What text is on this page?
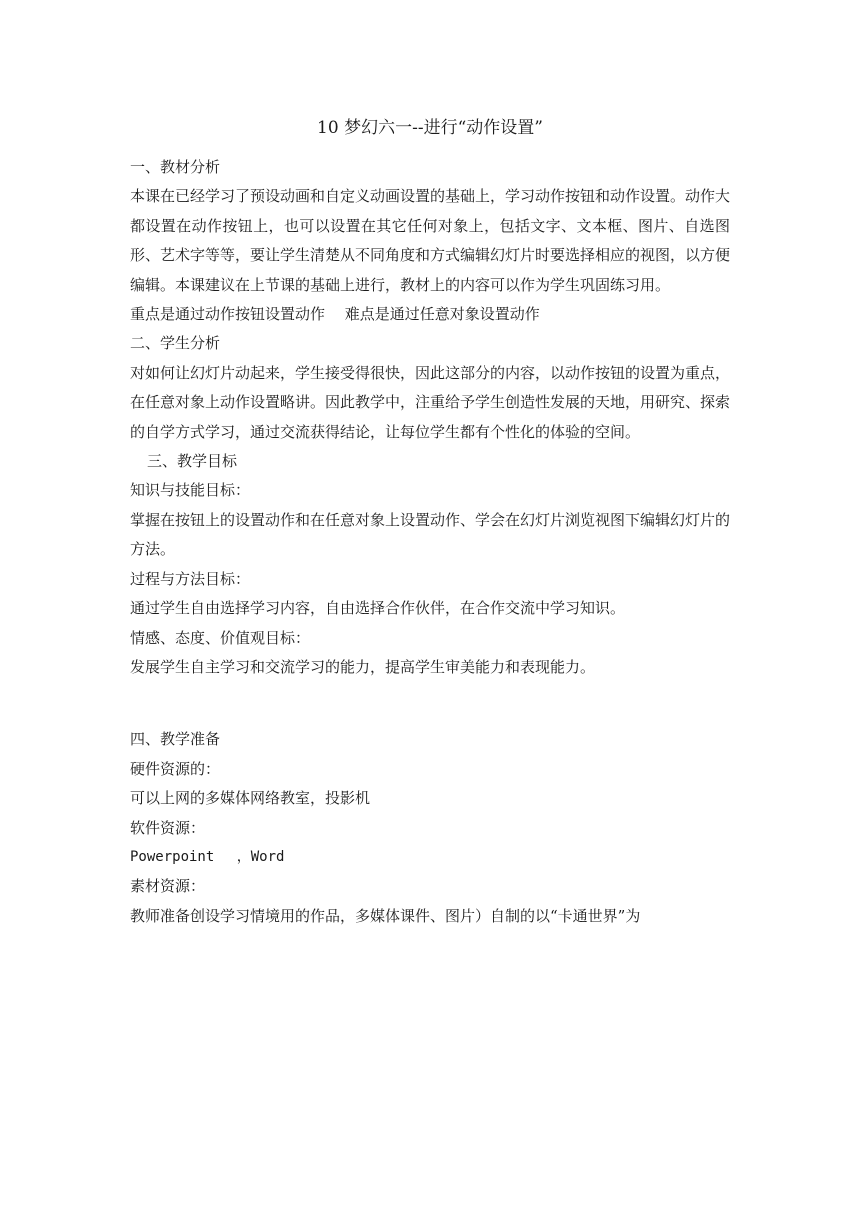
10 梦幻六一--进行“动作设置”

一、教材分析

本课在已经学习了预设动画和自定义动画设置的基础上，学习动作按钮和动作设置。动作大都设置在动作按钮上，也可以设置在其它任何对象上，包括文字、文本框、图片、自选图形、艺术字等等，要让学生清楚从不同角度和方式编辑幻灯片时要选择相应的视图，以方便编辑。本课建议在上节课的基础上进行，教材上的内容可以作为学生巩固练习用。

重点是通过动作按钮设置动作　 难点是通过任意对象设置动作

二、学生分析

对如何让幻灯片动起来，学生接受得很快，因此这部分的内容，以动作按钮的设置为重点，在任意对象上动作设置略讲。因此教学中，注重给予学生创造性发展的天地，用研究、探索的自学方式学习，通过交流获得结论，让每位学生都有个性化的体验的空间。

三、教学目标

知识与技能目标：

掌握在按钮上的设置动作和在任意对象上设置动作、学会在幻灯片浏览视图下编辑幻灯片的方法。

过程与方法目标：

通过学生自由选择学习内容，自由选择合作伙伴，在合作交流中学习知识。

情感、态度、价值观目标：

发展学生自主学习和交流学习的能力，提高学生审美能力和表现能力。

四、教学准备

硬件资源的：

可以上网的多媒体网络教室，投影机

软件资源：

Powerpoint　 ，Word

素材资源：

教师准备创设学习情境用的作品，多媒体课件、图片）自制的以“卡通世界”为
